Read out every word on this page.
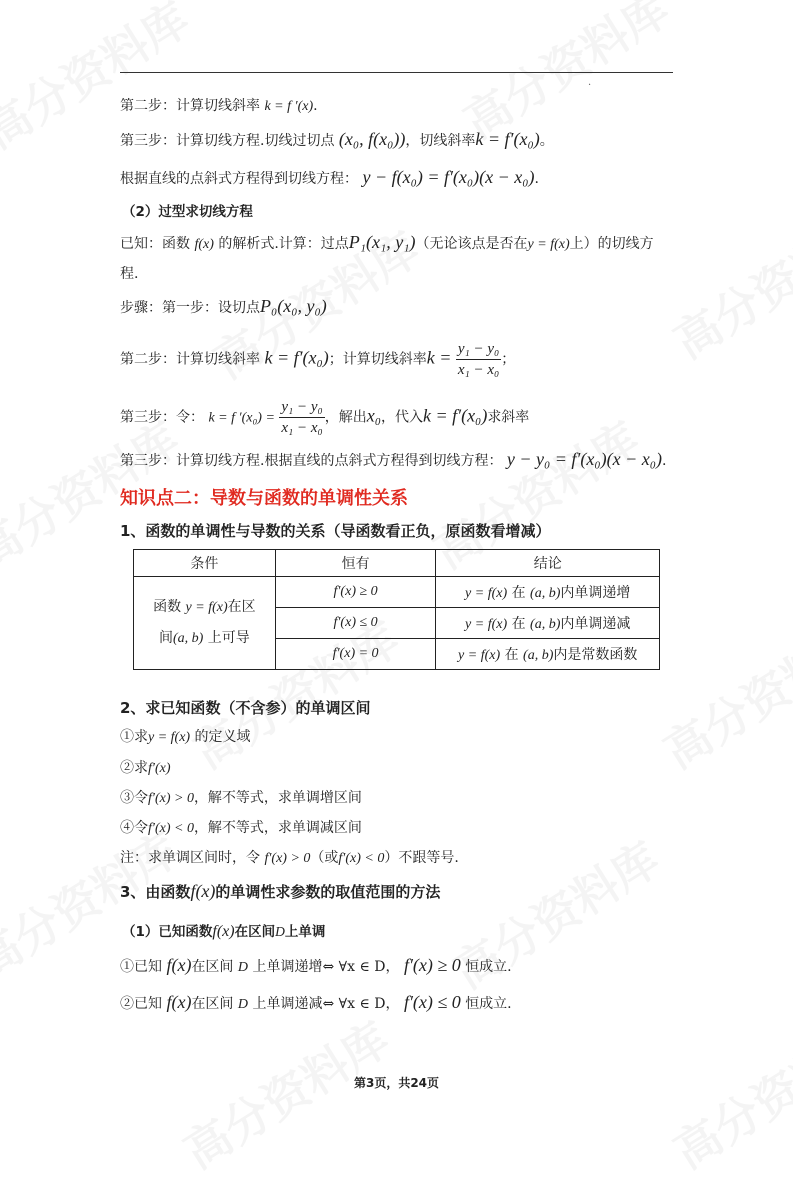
·
第二步：计算切线斜率 k = f ′(x).
第三步：计算切线方程.切线过切点 (x₀, f(x₀))，切线斜率k = f′(x₀)。
根据直线的点斜式方程得到切线方程： y − f(x₀) = f′(x₀)(x − x₀).
（2）过型求切线方程
已知：函数 f(x) 的解析式.计算：过点P₁(x₁, y₁)（无论该点是否在y = f(x)上）的切线方
程.
步骤：第一步：设切点P₀(x₀, y₀)
第二步：计算切线斜率 k = f′(x₀)；计算切线斜率$k = \frac{\text{y₁ − y₀}}{\text{x₁ − x₀}}$ ；
第三步：令： k = f $'(x_0) = \frac{\text{y₁ − y₀}}{\text{x₁ − x₀}}$ ，解出x₀，代入k = f′(x₀)求斜率
第三步：计算切线方程.根据直线的点斜式方程得到切线方程： y − y₀ = f′(x₀)(x − x₀).
知识点二：导数与函数的单调性关系
1、函数的单调性与导数的关系（导函数看正负，原函数看增减）
条件	恒有	结论
函数 y = f(x)在区
间(a, b) 上可导	f′(x) ≥ 0	y = f(x) 在 (a, b)内单调递增
	f′(x) ≤ 0	y = f(x) 在 (a, b)内单调递减
	f′(x) = 0	y = f(x) 在 (a, b)内是常数函数
2、求已知函数（不含参）的单调区间
①求y = f(x) 的定义域
②求f′(x)
③令f′(x) > 0，解不等式，求单调增区间
④令f′(x) < 0，解不等式，求单调减区间
注：求单调区间时，令 f′(x) > 0（或f′(x) < 0）不跟等号.
3、由函数f(x)的单调性求参数的取值范围的方法
（1）已知函数f(x)在区间D上单调
①已知 f(x)在区间 D 上单调递增⇔ ∀x ∈ D， f′(x) ≥ 0 恒成立.
②已知 f(x)在区间 D 上单调递减⇔ ∀x ∈ D， f′(x) ≤ 0 恒成立.
第3页，共24页
